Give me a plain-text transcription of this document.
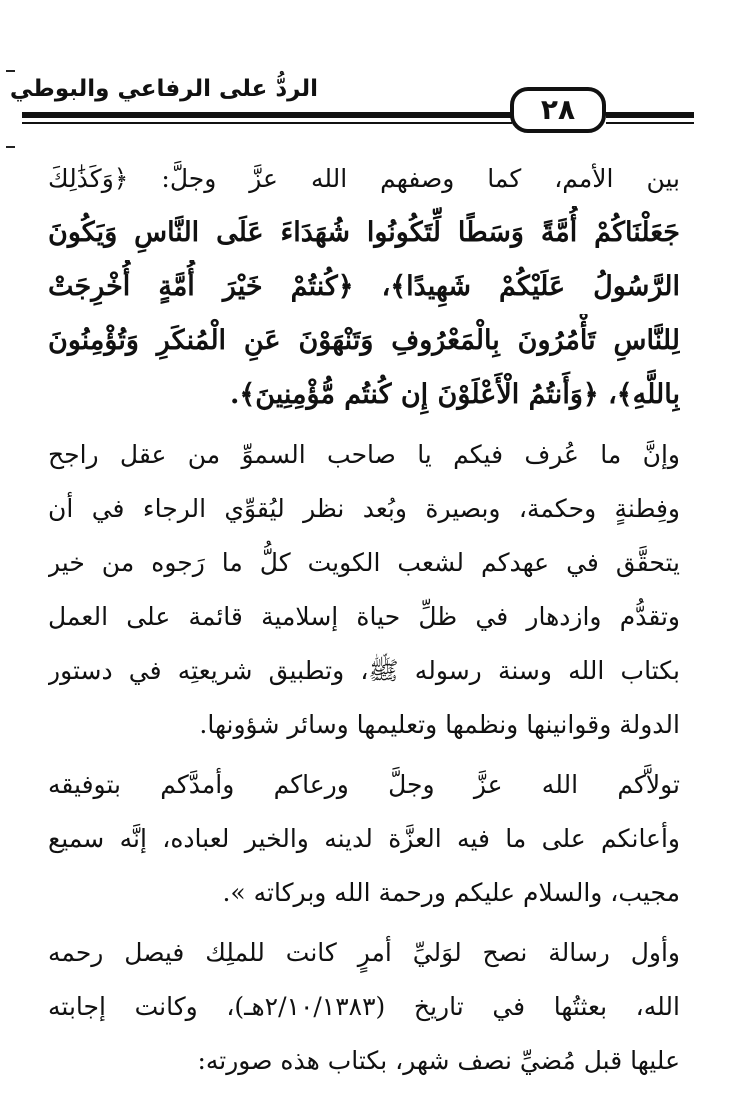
الردُّ على الرفاعي والبوطي
٢٨
بين الأمم، كما وصفهم الله عزَّ وجلَّ: ﴿وَكَذَٰلِكَ
جَعَلْنَاكُمْ أُمَّةً وَسَطًا لِّتَكُونُوا شُهَدَاءَ عَلَى النَّاسِ وَيَكُونَ
الرَّسُولُ عَلَيْكُمْ شَهِيدًا﴾، ﴿كُنتُمْ خَيْرَ أُمَّةٍ أُخْرِجَتْ
لِلنَّاسِ تَأْمُرُونَ بِالْمَعْرُوفِ وَتَنْهَوْنَ عَنِ الْمُنكَرِ وَتُؤْمِنُونَ
بِاللَّهِ﴾، ﴿وَأَنتُمُ الْأَعْلَوْنَ إِن كُنتُم مُّؤْمِنِينَ﴾.
وإنَّ ما عُرف فيكم يا صاحب السموِّ من عقل راجح
وفِطنةٍ وحكمة، وبصيرة وبُعد نظر ليُقوِّي الرجاء في أن
يتحقَّق في عهدكم لشعب الكويت كلُّ ما رَجوه من خير
وتقدُّم وازدهار في ظلِّ حياة إسلامية قائمة على العمل
بكتاب الله وسنة رسوله ﷺ، وتطبيق شريعتِه في دستور
الدولة وقوانينها ونظمها وتعليمها وسائر شؤونها.
تولاَّكم الله عزَّ وجلَّ ورعاكم وأمدَّكم بتوفيقه
وأعانكم على ما فيه العزَّة لدينه والخير لعباده، إنَّه سميع
مجيب، والسلام عليكم ورحمة الله وبركاته ».
وأول رسالة نصح لوَليِّ أمرٍ كانت للملِك فيصل رحمه
الله، بعثتُها في تاريخ (٢/١٠/١٣٨٣هـ)، وكانت إجابته
عليها قبل مُضيِّ نصف شهر، بكتاب هذه صورته:
